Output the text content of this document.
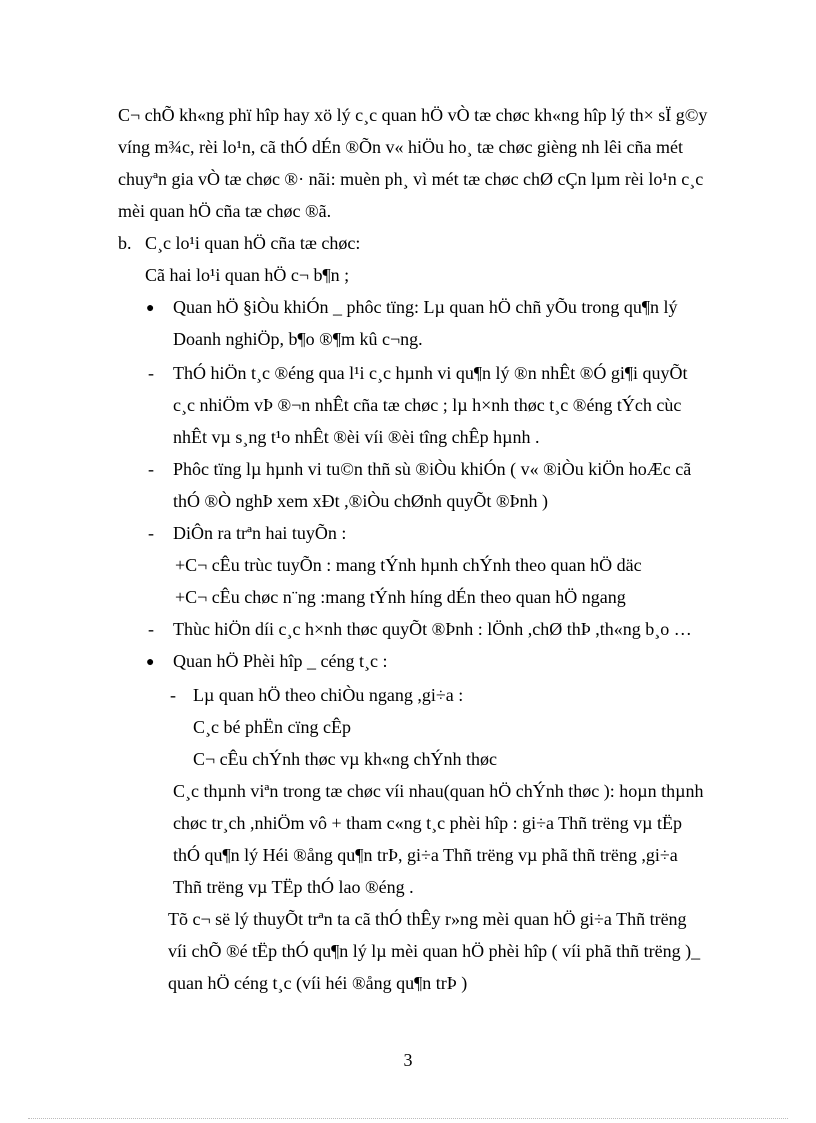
C¬ chÕ kh«ng phï hîp hay xö lý c¸c quan hÖ vÒ tæ chøc kh«ng hîp lý th× sÏ g©y
víng m¾c, rèi lo¹n, cã thÓ dÉn ®Õn v« hiÖu ho¸ tæ chøc gièng nh lêi cña mét
chuyªn gia vÒ tæ chøc ®· nãi: muèn ph¸ vì mét tæ chøc chØ cÇn lµm rèi lo¹n c¸c
mèi quan hÖ cña tæ chøc ®ã.
b. C¸c lo¹i quan hÖ cña tæ chøc:
Cã hai lo¹i quan hÖ c¬ b¶n ;
● Quan hÖ §iÒu khiÓn _ phôc tïng: Lµ quan hÖ chñ yÕu trong qu¶n lý
Doanh nghiÖp, b¶o ®¶m kû c¬ng.
- ThÓ hiÖn t¸c ®éng qua l¹i c¸c hµnh vi qu¶n lý ®n nhÊt ®Ó gi¶i quyÕt
c¸c nhiÖm vÞ ®¬n nhÊt cña tæ chøc ; lµ h×nh thøc t¸c ®éng tÝch cùc
nhÊt vµ s¸ng t¹o nhÊt ®èi víi ®èi tîng chÊp hµnh .
- Phôc tïng lµ hµnh vi tu©n thñ sù ®iÒu khiÓn ( v« ®iÒu kiÖn hoÆc cã
thÓ ®Ò nghÞ xem xÐt ,®iÒu chØnh quyÕt ®Þnh )
- DiÔn ra trªn hai tuyÕn :
+C¬ cÊu trùc tuyÕn : mang tÝnh hµnh chÝnh theo quan hÖ däc
+C¬ cÊu chøc n¨ng :mang tÝnh híng dÉn theo quan hÖ ngang
- Thùc hiÖn díi c¸c h×nh thøc quyÕt ®Þnh : lÖnh ,chØ thÞ ,th«ng b¸o …
● Quan hÖ Phèi hîp _ céng t¸c :
- Lµ quan hÖ theo chiÒu ngang ,gi÷a :
C¸c bé phËn cïng cÊp
C¬ cÊu chÝnh thøc vµ kh«ng chÝnh thøc
C¸c thµnh viªn trong tæ chøc víi nhau(quan hÖ chÝnh thøc ): hoµn thµnh
chøc tr¸ch ,nhiÖm vô + tham c«ng t¸c phèi hîp : gi÷a Thñ trëng vµ tËp
thÓ qu¶n lý Héi ®ång qu¶n trÞ, gi÷a Thñ trëng vµ phã thñ trëng ,gi÷a
Thñ trëng vµ TËp thÓ lao ®éng .
Tõ c¬ së lý thuyÕt trªn ta cã thÓ thÊy r»ng mèi quan hÖ gi÷a Thñ trëng
víi chÕ ®é tËp thÓ qu¶n lý lµ mèi quan hÖ phèi hîp ( víi phã thñ trëng )_
quan hÖ céng t¸c (víi héi ®ång qu¶n trÞ )
3
